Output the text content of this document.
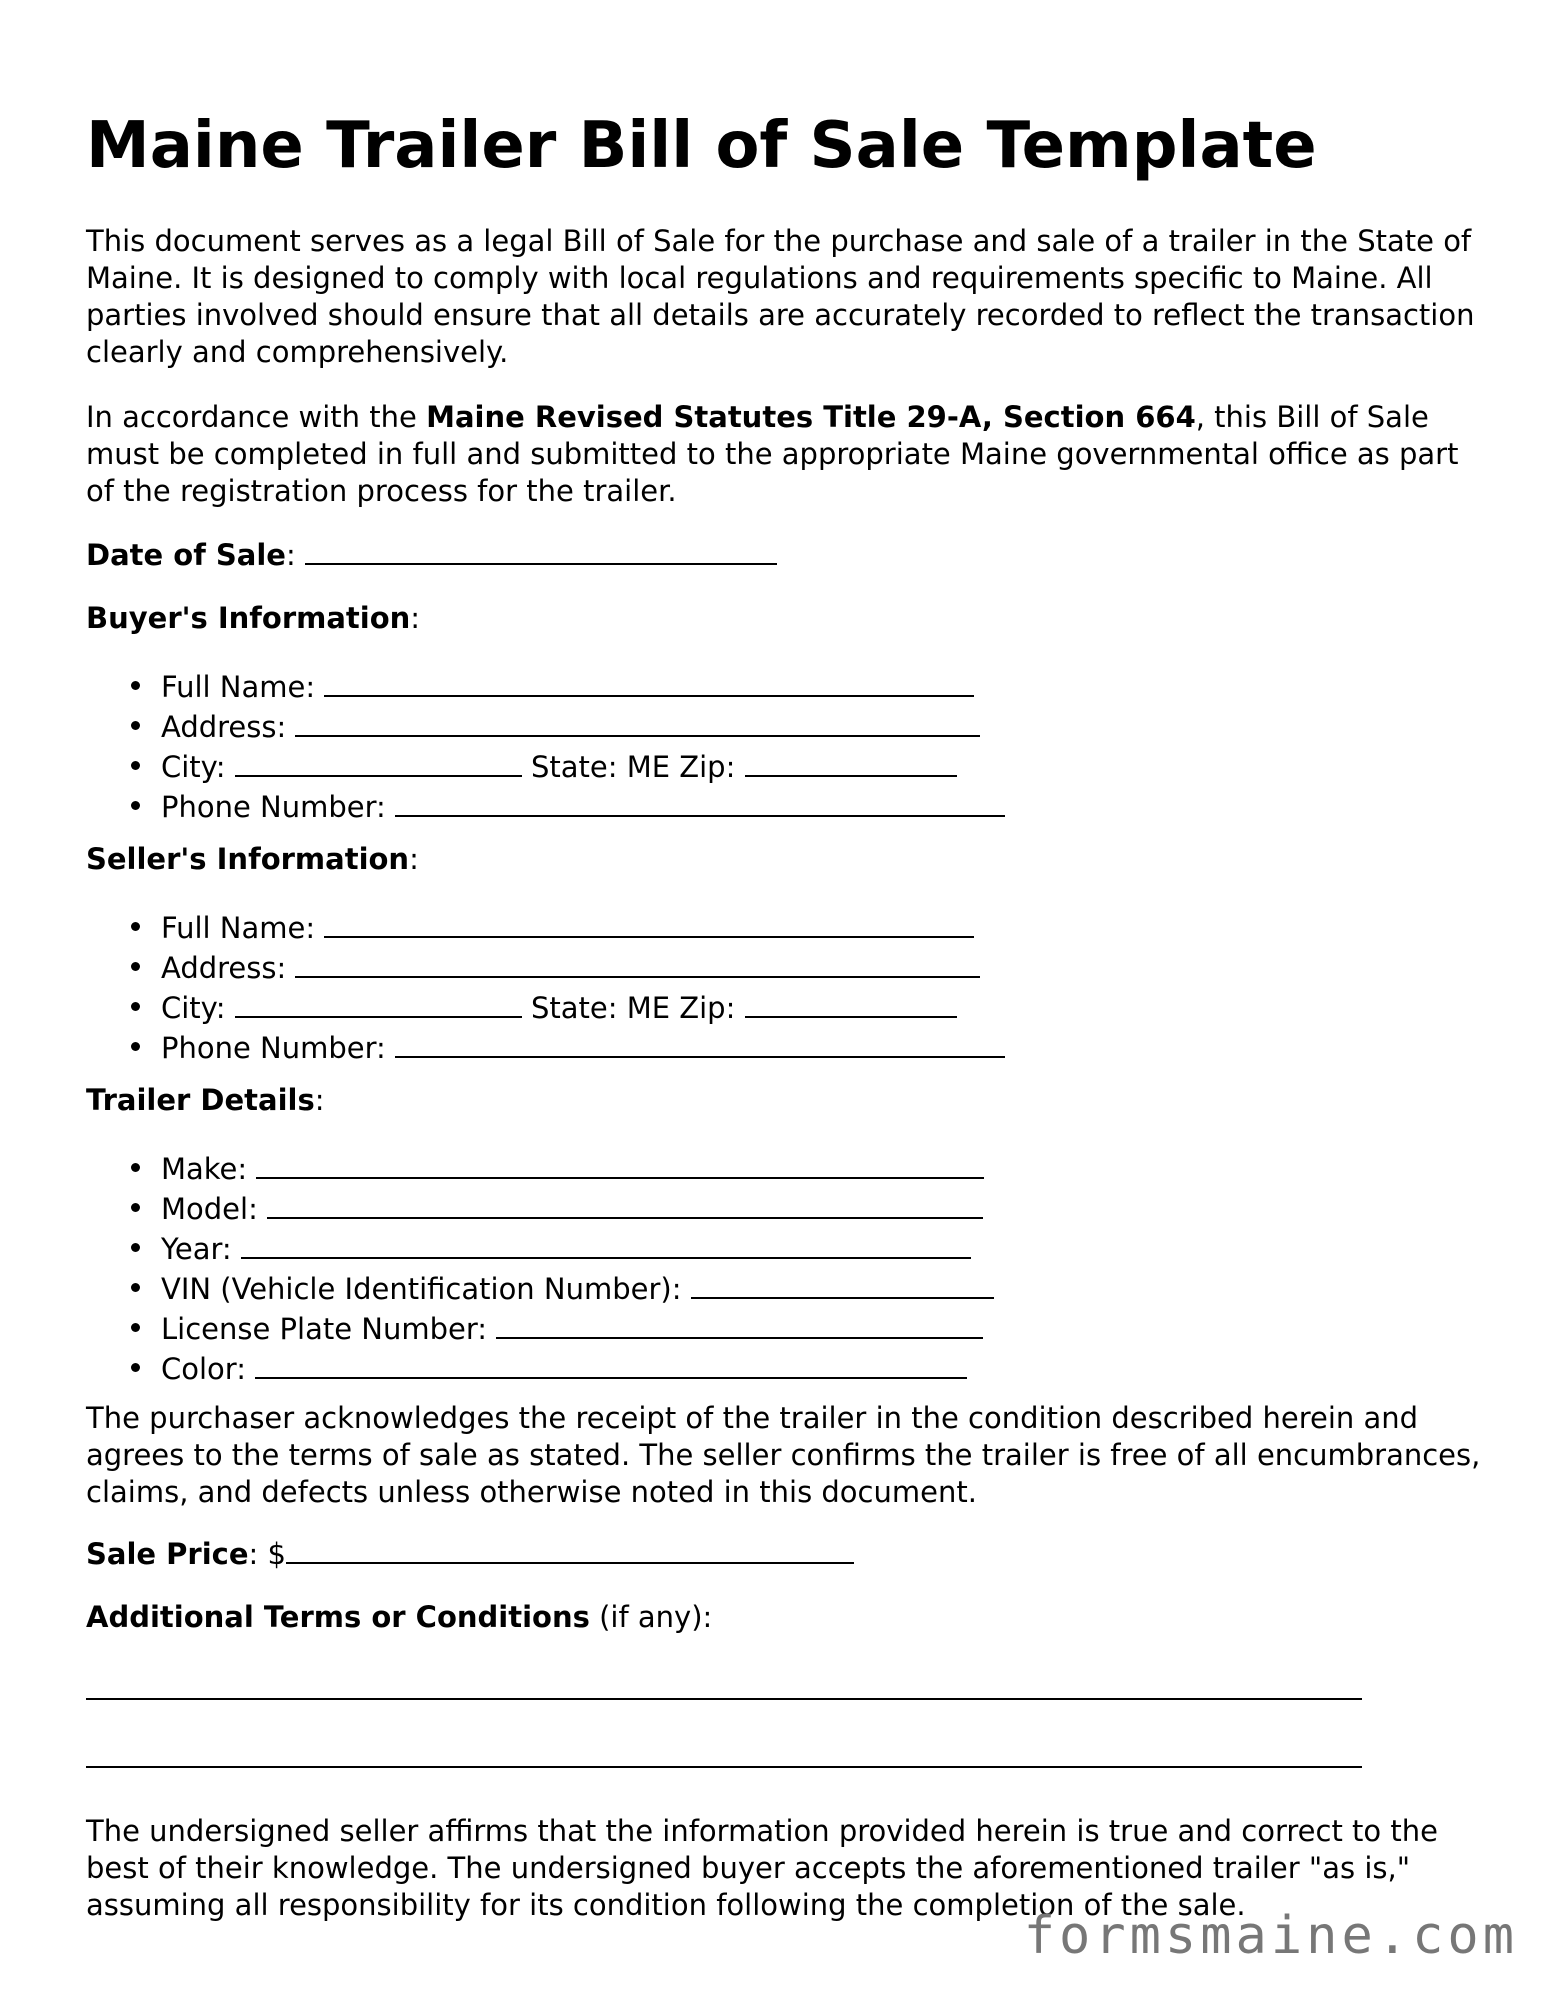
Maine Trailer Bill of Sale Template

This document serves as a legal Bill of Sale for the purchase and sale of a trailer in the State of Maine. It is designed to comply with local regulations and requirements specific to Maine. All parties involved should ensure that all details are accurately recorded to reflect the transaction clearly and comprehensively.

In accordance with the Maine Revised Statutes Title 29-A, Section 664, this Bill of Sale must be completed in full and submitted to the appropriate Maine governmental office as part of the registration process for the trailer.

Date of Sale:

Buyer's Information:

Full Name:
Address:
City:	State: ME Zip:
Phone Number:

Seller's Information:

Full Name:
Address:
City:	State: ME Zip:
Phone Number:

Trailer Details:

Make:
Model:
Year:
VIN (Vehicle Identification Number):
License Plate Number:
Color:

The purchaser acknowledges the receipt of the trailer in the condition described herein and agrees to the terms of sale as stated. The seller confirms the trailer is free of all encumbrances, claims, and defects unless otherwise noted in this document.

Sale Price: $

Additional Terms or Conditions (if any):

The undersigned seller affirms that the information provided herein is true and correct to the best of their knowledge. The undersigned buyer accepts the aforementioned trailer "as is," assuming all responsibility for its condition following the completion of the sale.

formsmaine.com
